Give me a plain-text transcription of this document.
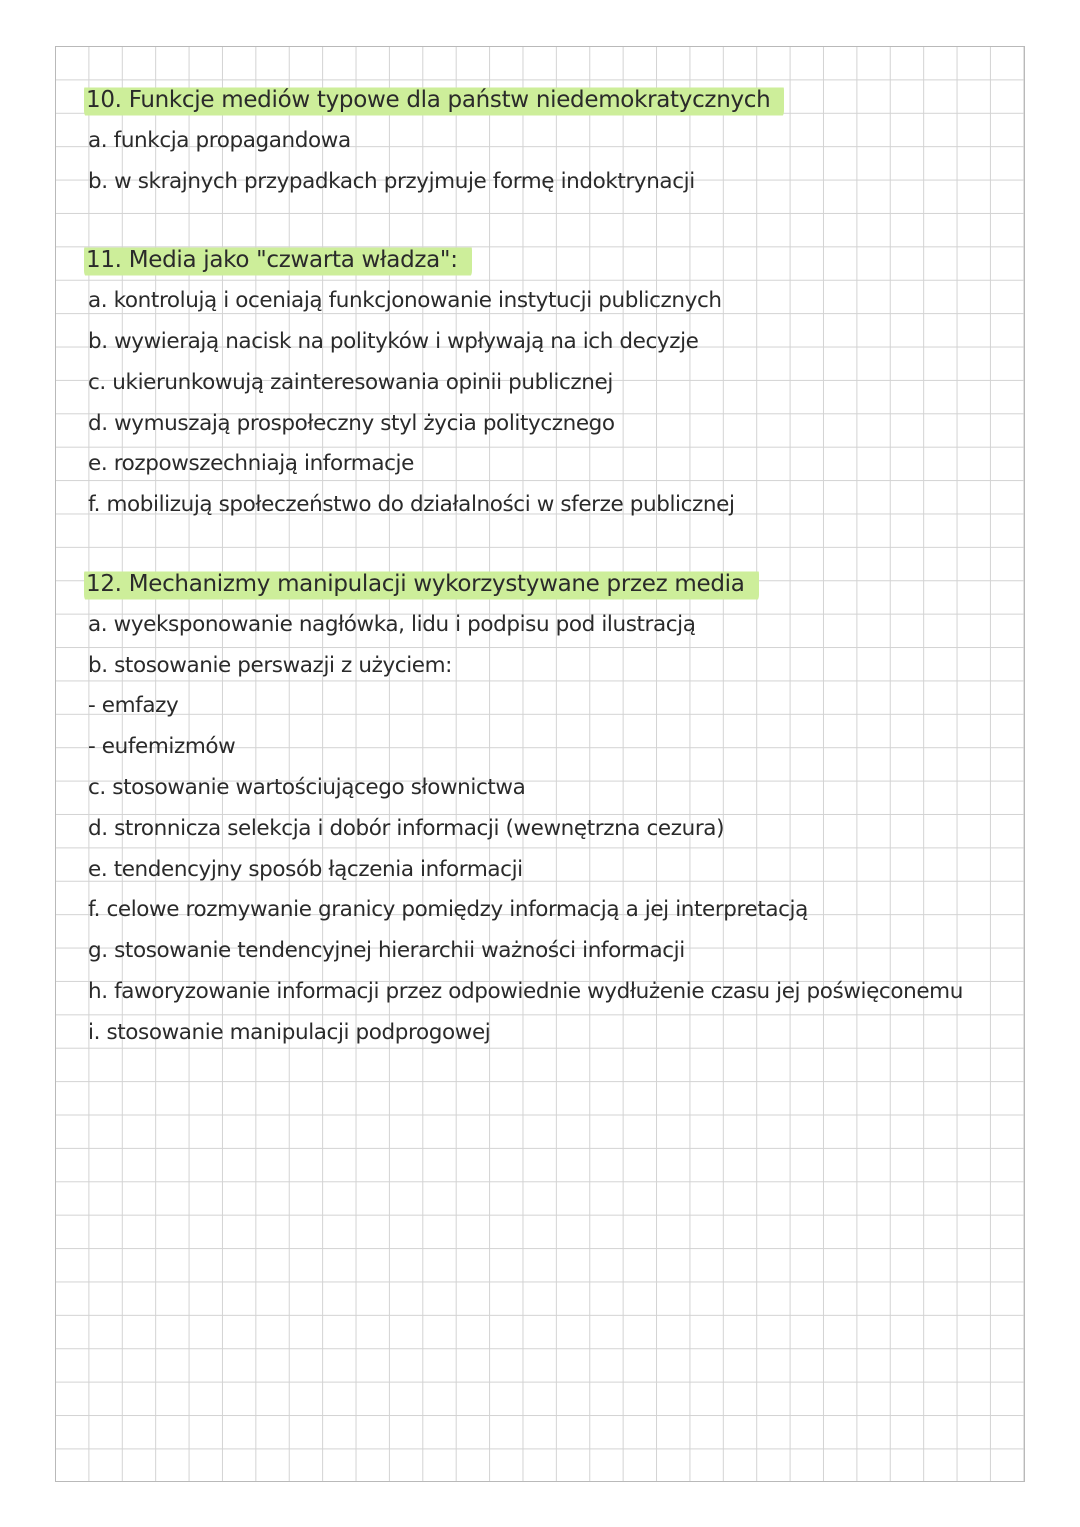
10. Funkcje mediów typowe dla państw niedemokratycznych
a. funkcja propagandowa
b. w skrajnych przypadkach przyjmuje formę indoktrynacji
11. Media jako "czwarta władza":
a. kontrolują i oceniają funkcjonowanie instytucji publicznych
b. wywierają nacisk na polityków i wpływają na ich decyzje
c. ukierunkowują zainteresowania opinii publicznej
d. wymuszają prospołeczny styl życia politycznego
e. rozpowszechniają informacje
f. mobilizują społeczeństwo do działalności w sferze publicznej
12. Mechanizmy manipulacji wykorzystywane przez media
a. wyeksponowanie nagłówka, lidu i podpisu pod ilustracją
b. stosowanie perswazji z użyciem:
- emfazy
- eufemizmów
c. stosowanie wartościującego słownictwa
d. stronnicza selekcja i dobór informacji (wewnętrzna cezura)
e. tendencyjny sposób łączenia informacji
f. celowe rozmywanie granicy pomiędzy informacją a jej interpretacją
g. stosowanie tendencyjnej hierarchii ważności informacji
h. faworyzowanie informacji przez odpowiednie wydłużenie czasu jej poświęconemu
i. stosowanie manipulacji podprogowej
